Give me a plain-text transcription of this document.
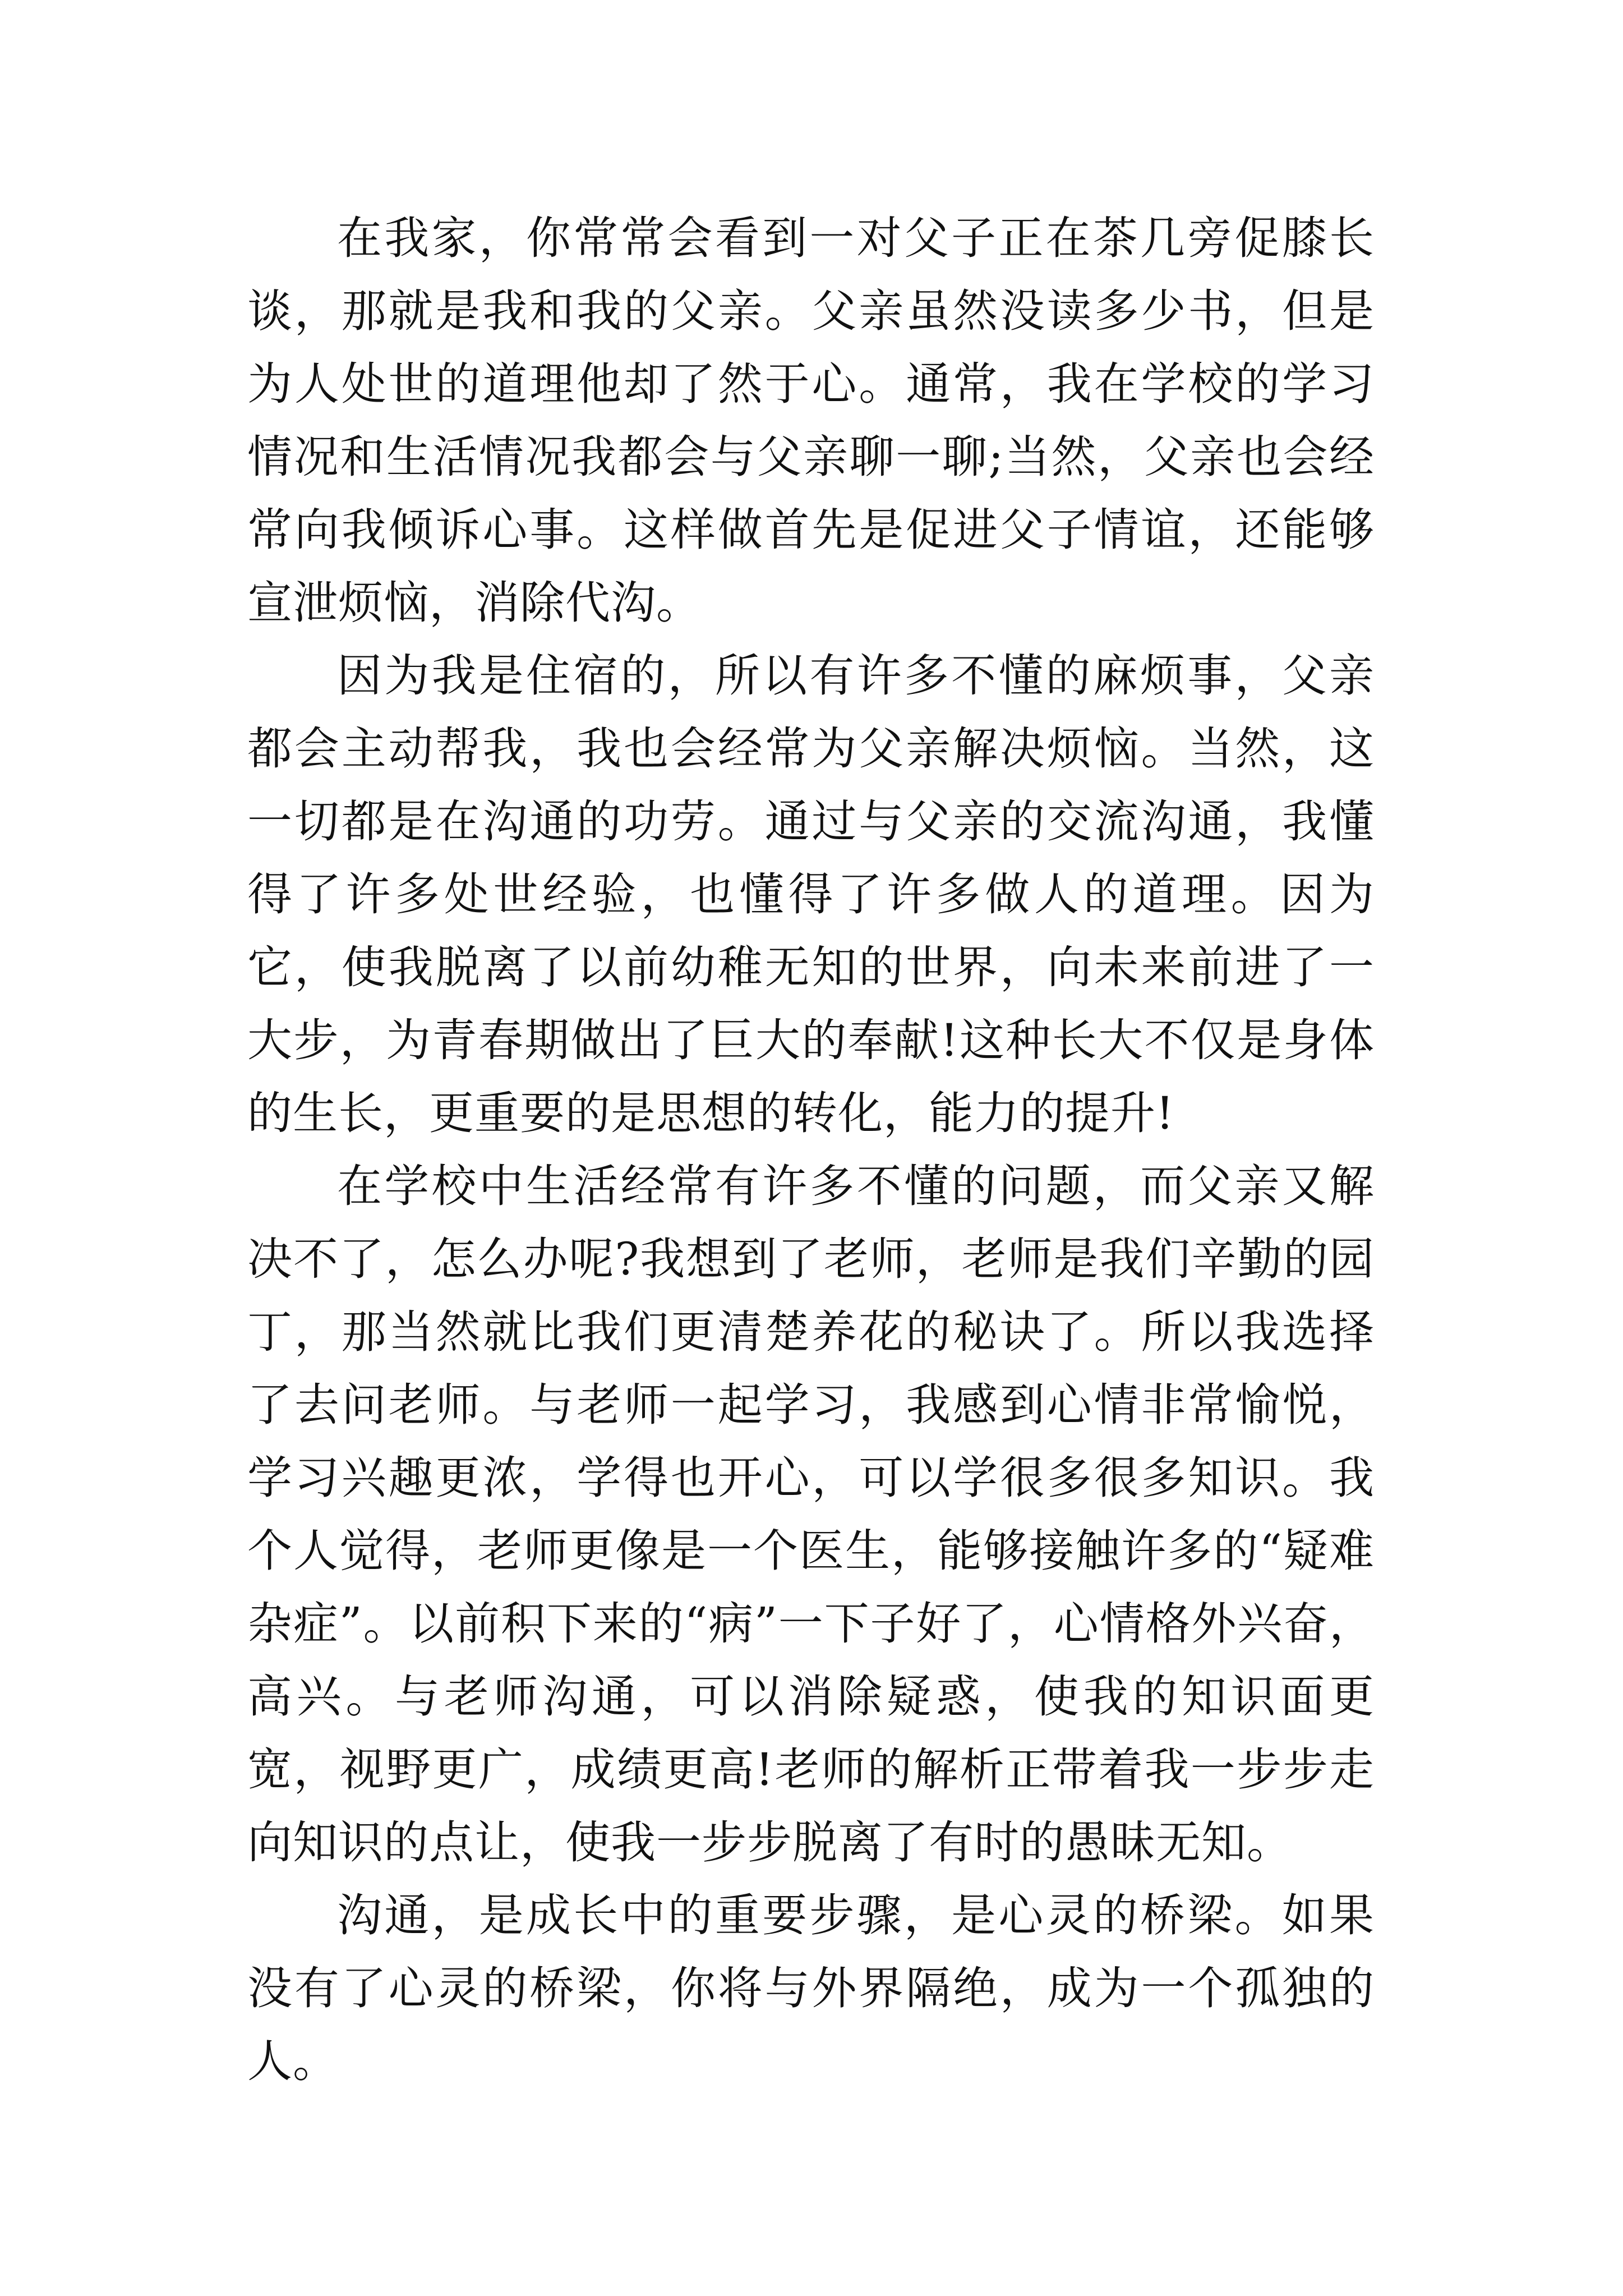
在我家，你常常会看到一对父子正在茶几旁促膝长谈，那就是我和我的父亲。父亲虽然没读多少书，但是为人处世的道理他却了然于心。通常，我在学校的学习情况和生活情况我都会与父亲聊一聊;当然，父亲也会经常向我倾诉心事。这样做首先是促进父子情谊，还能够宣泄烦恼，消除代沟。

因为我是住宿的，所以有许多不懂的麻烦事，父亲都会主动帮我，我也会经常为父亲解决烦恼。当然，这一切都是在沟通的功劳。通过与父亲的交流沟通，我懂得了许多处世经验，也懂得了许多做人的道理。因为它，使我脱离了以前幼稚无知的世界，向未来前进了一大步，为青春期做出了巨大的奉献!这种长大不仅是身体的生长，更重要的是思想的转化，能力的提升!

在学校中生活经常有许多不懂的问题，而父亲又解决不了，怎么办呢?我想到了老师，老师是我们辛勤的园丁，那当然就比我们更清楚养花的秘诀了。所以我选择了去问老师。与老师一起学习，我感到心情非常愉悦，学习兴趣更浓，学得也开心，可以学很多很多知识。我个人觉得，老师更像是一个医生，能够接触许多的“疑难杂症”。以前积下来的“病”一下子好了，心情格外兴奋，高兴。与老师沟通，可以消除疑惑，使我的知识面更宽，视野更广，成绩更高!老师的解析正带着我一步步走向知识的点让，使我一步步脱离了有时的愚昧无知。

沟通，是成长中的重要步骤，是心灵的桥梁。如果没有了心灵的桥梁，你将与外界隔绝，成为一个孤独的人。
